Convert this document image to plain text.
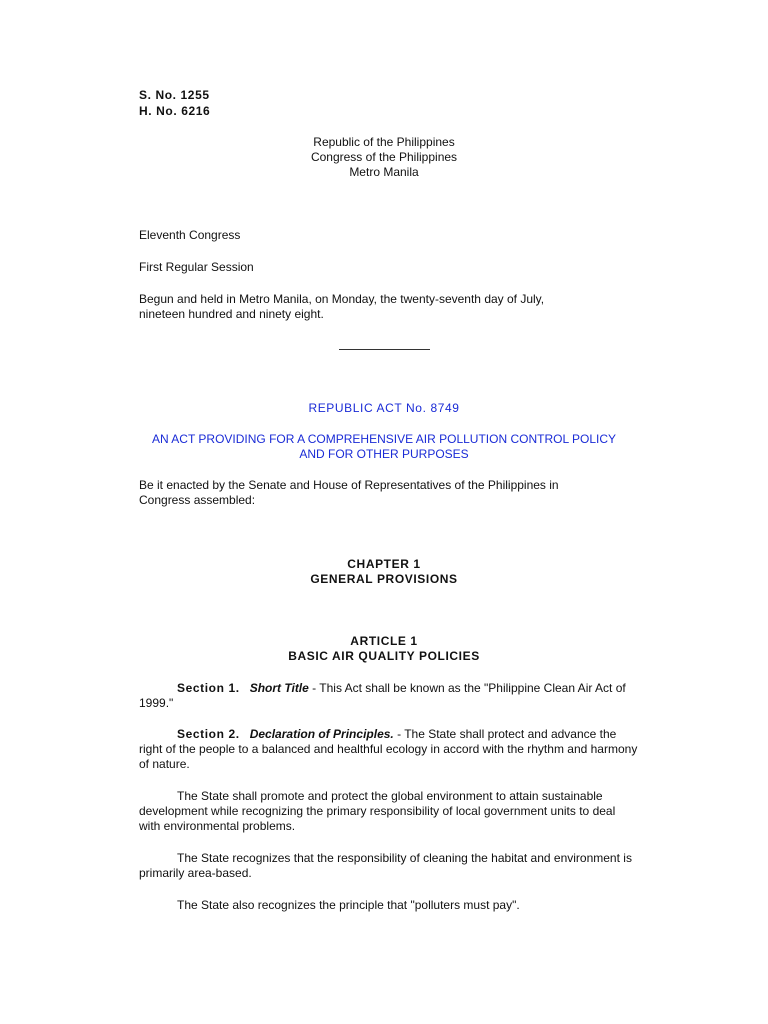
S. No. 1255
H. No. 6216
Republic of the Philippines
Congress of the Philippines
Metro Manila
Eleventh Congress
First Regular Session
Begun and held in Metro Manila, on Monday, the twenty-seventh day of July,
nineteen hundred and ninety eight.
REPUBLIC ACT No. 8749
AN ACT PROVIDING FOR A COMPREHENSIVE AIR POLLUTION CONTROL POLICY
AND FOR OTHER PURPOSES
Be it enacted by the Senate and House of Representatives of the Philippines in
Congress assembled:
CHAPTER 1
GENERAL PROVISIONS
ARTICLE 1
BASIC AIR QUALITY POLICIES
Section 1. Short Title - This Act shall be known as the "Philippine Clean Air Act of 1999."
Section 2. Declaration of Principles. - The State shall protect and advance the right of the people to a balanced and healthful ecology in accord with the rhythm and harmony of nature.
The State shall promote and protect the global environment to attain sustainable development while recognizing the primary responsibility of local government units to deal with environmental problems.
The State recognizes that the responsibility of cleaning the habitat and environment is primarily area-based.
The State also recognizes the principle that "polluters must pay".
